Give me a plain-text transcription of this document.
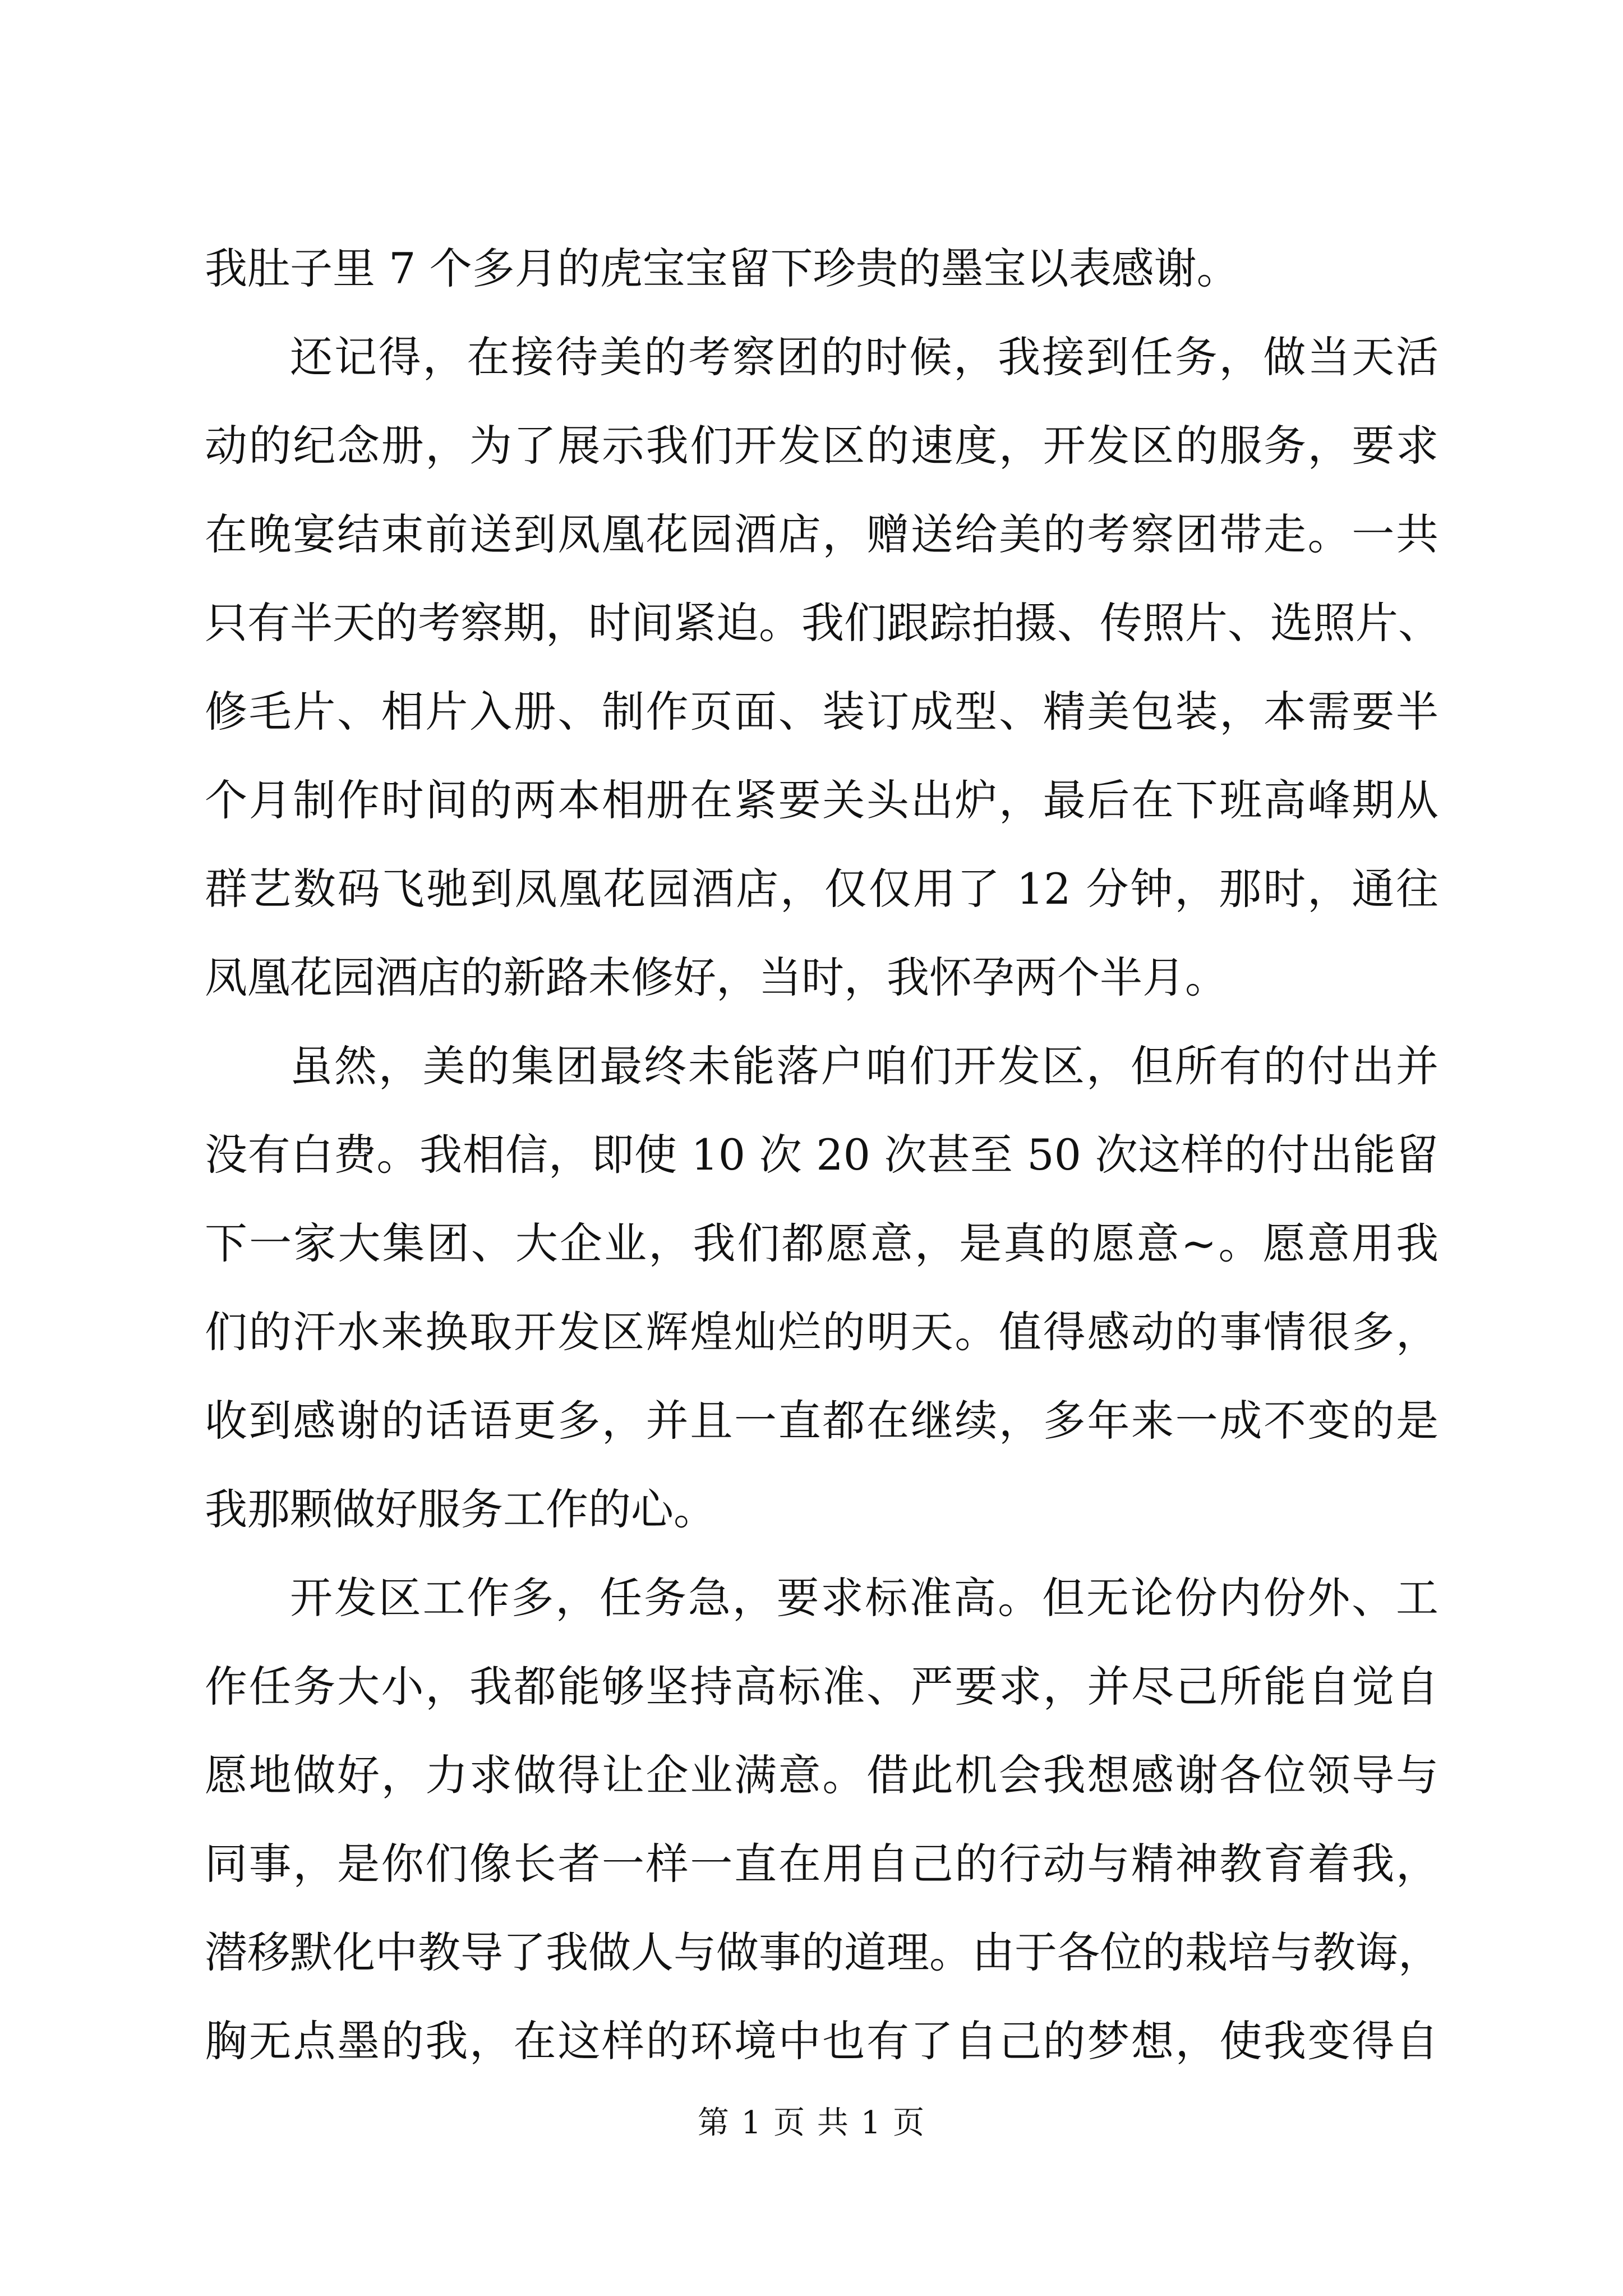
我肚子里 7 个多月的虎宝宝留下珍贵的墨宝以表感谢。
还记得，在接待美的考察团的时候，我接到任务，做当天活
动的纪念册，为了展示我们开发区的速度，开发区的服务，要求
在晚宴结束前送到凤凰花园酒店，赠送给美的考察团带走。一共
只有半天的考察期，时间紧迫。我们跟踪拍摄、传照片、选照片、
修毛片、相片入册、制作页面、装订成型、精美包装，本需要半
个月制作时间的两本相册在紧要关头出炉，最后在下班高峰期从
群艺数码飞驰到凤凰花园酒店，仅仅用了 12 分钟，那时，通往
凤凰花园酒店的新路未修好，当时，我怀孕两个半月。
虽然，美的集团最终未能落户咱们开发区，但所有的付出并
没有白费。我相信，即使 10 次 20 次甚至 50 次这样的付出能留
下一家大集团、大企业，我们都愿意，是真的愿意~。愿意用我
们的汗水来换取开发区辉煌灿烂的明天。值得感动的事情很多，
收到感谢的话语更多，并且一直都在继续，多年来一成不变的是
我那颗做好服务工作的心。
开发区工作多，任务急，要求标准高。但无论份内份外、工
作任务大小，我都能够坚持高标准、严要求，并尽己所能自觉自
愿地做好，力求做得让企业满意。借此机会我想感谢各位领导与
同事，是你们像长者一样一直在用自己的行动与精神教育着我，
潜移默化中教导了我做人与做事的道理。由于各位的栽培与教诲，
胸无点墨的我，在这样的环境中也有了自己的梦想，使我变得自
第 1 页 共 1 页
